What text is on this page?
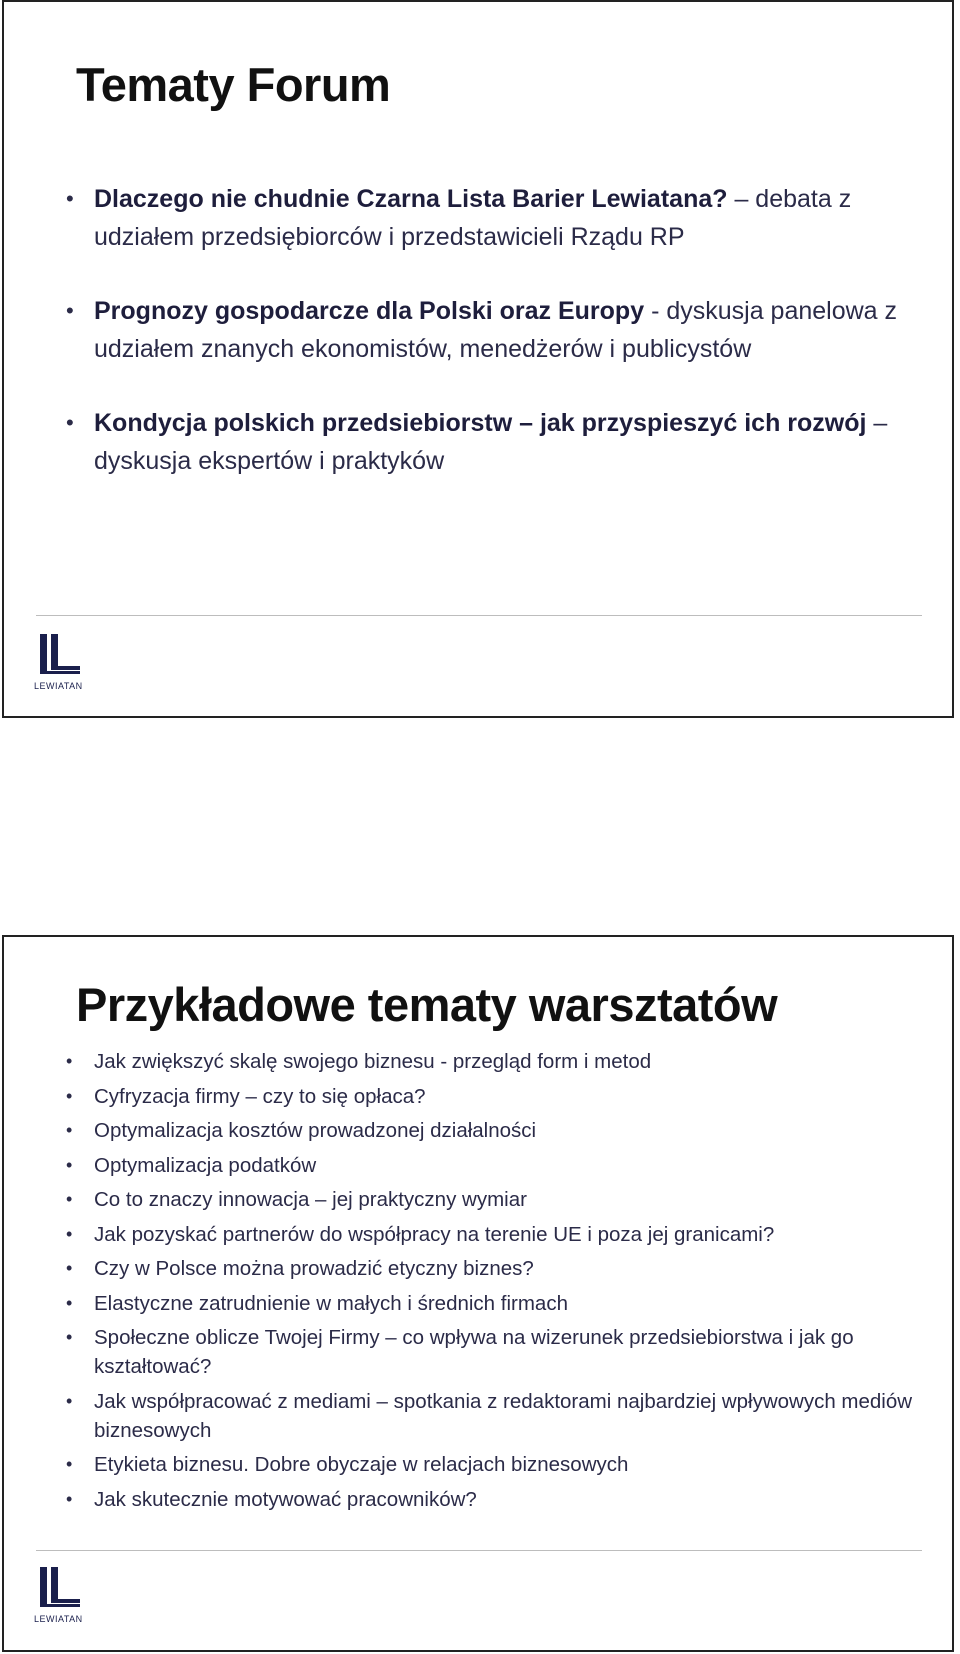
Tematy Forum
• Dlaczego nie chudnie Czarna Lista Barier Lewiatana? – debata z udziałem przedsiębiorców i przedstawicieli Rządu RP
• Prognozy gospodarcze dla Polski oraz Europy - dyskusja panelowa z udziałem znanych ekonomistów, menedżerów i publicystów
• Kondycja polskich przedsiebiorstw – jak przyspieszyć ich rozwój – dyskusja ekspertów i praktyków
LEWIATAN
Przykładowe tematy warsztatów
• Jak zwiększyć skalę swojego biznesu - przegląd form i metod
• Cyfryzacja firmy – czy to się opłaca?
• Optymalizacja kosztów prowadzonej działalności
• Optymalizacja podatków
• Co to znaczy innowacja – jej praktyczny wymiar
• Jak pozyskać partnerów do współpracy na terenie UE i poza jej granicami?
• Czy w Polsce można prowadzić etyczny biznes?
• Elastyczne zatrudnienie w małych i średnich firmach
• Społeczne oblicze Twojej Firmy – co wpływa na wizerunek przedsiebiorstwa i jak go kształtować?
• Jak współpracować z mediami – spotkania z redaktorami najbardziej wpływowych mediów biznesowych
• Etykieta biznesu. Dobre obyczaje w relacjach biznesowych
• Jak skutecznie motywować pracowników?
LEWIATAN
